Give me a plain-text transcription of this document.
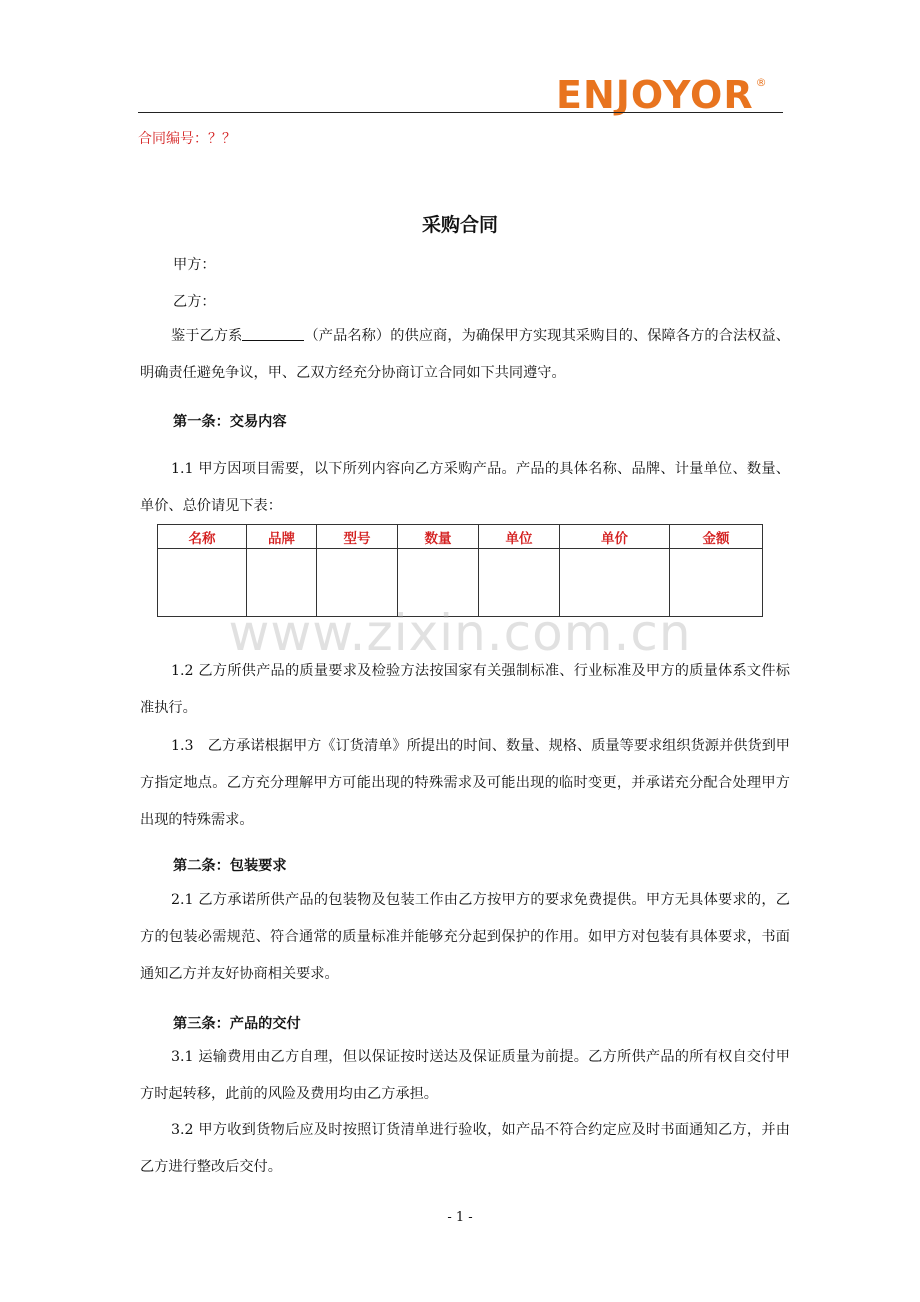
ENJOYOR ®
合同编号：？？
采购合同
甲方：
乙方：
鉴于乙方系	（产品名称）的供应商，为确保甲方实现其采购目的、保障各方的合法权益、明确责任避免争议，甲、乙双方经充分协商订立合同如下共同遵守。
第一条：交易内容
1.1 甲方因项目需要，以下所列内容向乙方采购产品。产品的具体名称、品牌、计量单位、数量、单价、总价请见下表：
名称	品牌	型号	数量	单位	单价	金额

www.zixin.com.cn
1.2 乙方所供产品的质量要求及检验方法按国家有关强制标准、行业标准及甲方的质量体系文件标准执行。
1.3　乙方承诺根据甲方《订货清单》所提出的时间、数量、规格、质量等要求组织货源并供货到甲方指定地点。乙方充分理解甲方可能出现的特殊需求及可能出现的临时变更，并承诺充分配合处理甲方出现的特殊需求。
第二条：包装要求
2.1 乙方承诺所供产品的包装物及包装工作由乙方按甲方的要求免费提供。甲方无具体要求的，乙方的包装必需规范、符合通常的质量标准并能够充分起到保护的作用。如甲方对包装有具体要求，书面通知乙方并友好协商相关要求。
第三条：产品的交付
3.1 运输费用由乙方自理，但以保证按时送达及保证质量为前提。乙方所供产品的所有权自交付甲方时起转移，此前的风险及费用均由乙方承担。
3.2 甲方收到货物后应及时按照订货清单进行验收，如产品不符合约定应及时书面通知乙方，并由乙方进行整改后交付。
- 1 -
